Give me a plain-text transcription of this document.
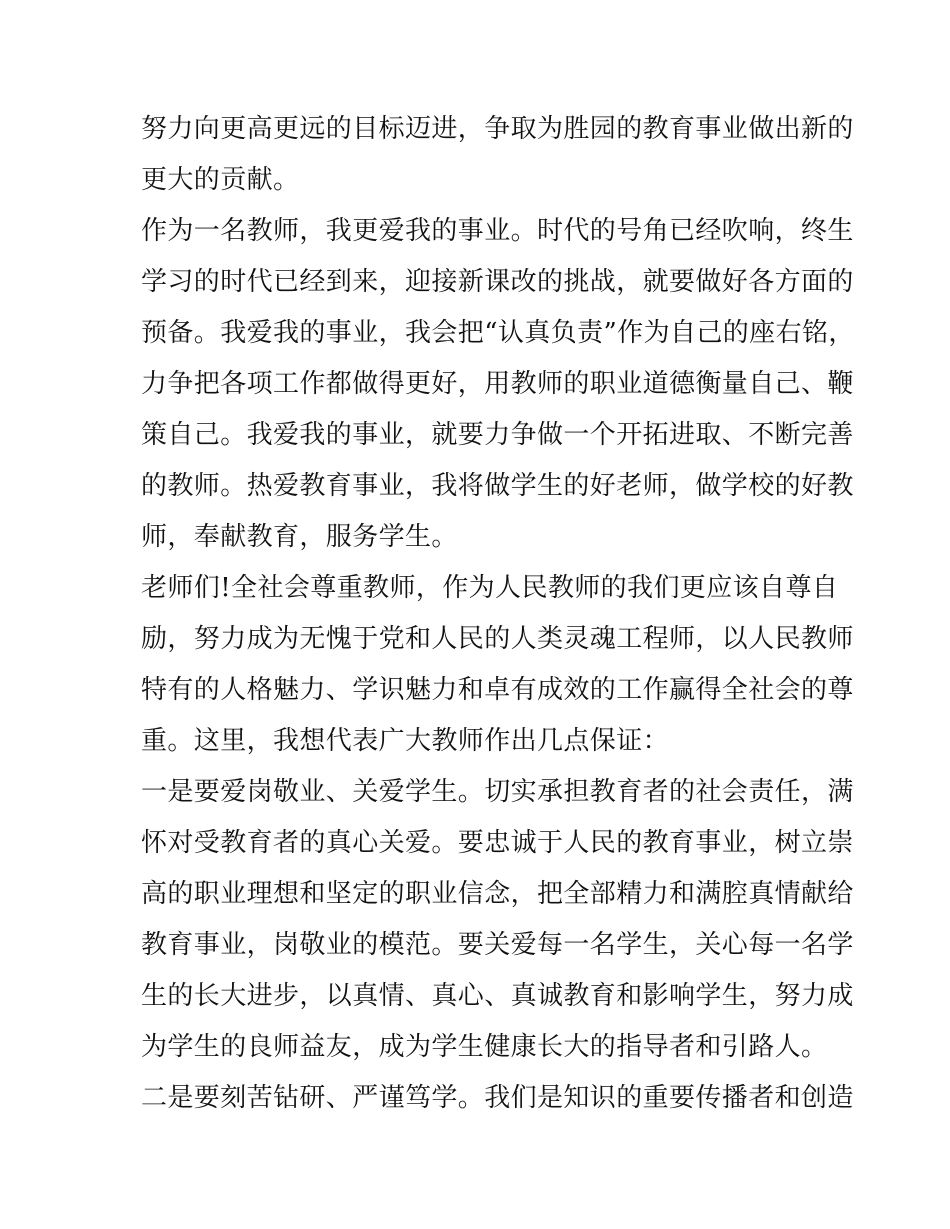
努力向更高更远的目标迈进，争取为胜园的教育事业做出新的
更大的贡献。
作为一名教师，我更爱我的事业。时代的号角已经吹响，终生
学习的时代已经到来，迎接新课改的挑战，就要做好各方面的
预备。我爱我的事业，我会把“认真负责”作为自己的座右铭，
力争把各项工作都做得更好，用教师的职业道德衡量自己、鞭
策自己。我爱我的事业，就要力争做一个开拓进取、不断完善
的教师。热爱教育事业，我将做学生的好老师，做学校的好教
师，奉献教育，服务学生。
老师们!全社会尊重教师，作为人民教师的我们更应该自尊自
励，努力成为无愧于党和人民的人类灵魂工程师，以人民教师
特有的人格魅力、学识魅力和卓有成效的工作赢得全社会的尊
重。这里，我想代表广大教师作出几点保证：
一是要爱岗敬业、关爱学生。切实承担教育者的社会责任，满
怀对受教育者的真心关爱。要忠诚于人民的教育事业，树立崇
高的职业理想和坚定的职业信念，把全部精力和满腔真情献给
教育事业，岗敬业的模范。要关爱每一名学生，关心每一名学
生的长大进步，以真情、真心、真诚教育和影响学生，努力成
为学生的良师益友，成为学生健康长大的指导者和引路人。
二是要刻苦钻研、严谨笃学。我们是知识的重要传播者和创造
